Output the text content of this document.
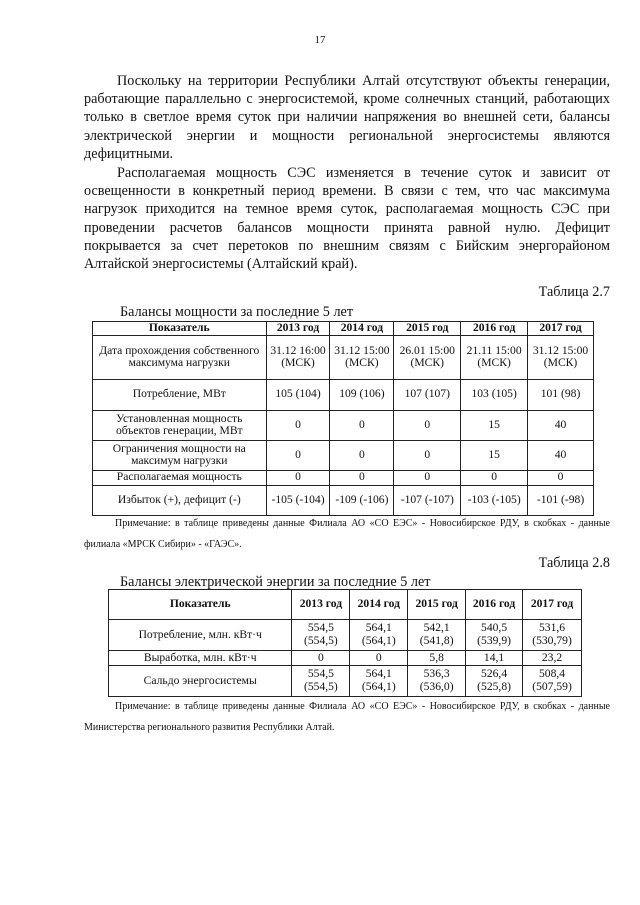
17

Поскольку на территории Республики Алтай отсутствуют объекты генерации, работающие параллельно с энергосистемой, кроме солнечных станций, работающих только в светлое время суток при наличии напряжения во внешней сети, балансы электрической энергии и мощности региональной энергосистемы являются дефицитными.

Располагаемая мощность СЭС изменяется в течение суток и зависит от освещенности в конкретный период времени. В связи с тем, что час максимума нагрузок приходится на темное время суток, располагаемая мощность СЭС при проведении расчетов балансов мощности принята равной нулю. Дефицит покрывается за счет перетоков по внешним связям с Бийским энергорайоном Алтайской энергосистемы (Алтайский край).

Таблица 2.7
Балансы мощности за последние 5 лет
Показатель	2013 год	2014 год	2015 год	2016 год	2017 год
Дата прохождения собственного максимума нагрузки	31.12 16:00 (МСК)	31.12 15:00 (МСК)	26.01 15:00 (МСК)	21.11 15:00 (МСК)	31.12 15:00 (МСК)
Потребление, МВт	105 (104)	109 (106)	107 (107)	103 (105)	101 (98)
Установленная мощность объектов генерации, МВт	0	0	0	15	40
Ограничения мощности на максимум нагрузки	0	0	0	15	40
Располагаемая мощность	0	0	0	0	0
Избыток (+), дефицит (-)	-105 (-104)	-109 (-106)	-107 (-107)	-103 (-105)	-101 (-98)

Примечание: в таблице приведены данные Филиала АО «СО ЕЭС» - Новосибирское РДУ, в скобках - данные филиала «МРСК Сибири» - «ГАЭС».

Таблица 2.8
Балансы электрической энергии за последние 5 лет
Показатель	2013 год	2014 год	2015 год	2016 год	2017 год
Потребление, млн. кВт·ч	554,5 (554,5)	564,1 (564,1)	542,1 (541,8)	540,5 (539,9)	531,6 (530,79)
Выработка, млн. кВт·ч	0	0	5,8	14,1	23,2
Сальдо энергосистемы	554,5 (554,5)	564,1 (564,1)	536,3 (536,0)	526,4 (525,8)	508,4 (507,59)

Примечание: в таблице приведены данные Филиала АО «СО ЕЭС» - Новосибирское РДУ, в скобках - данные Министерства регионального развития Республики Алтай.
